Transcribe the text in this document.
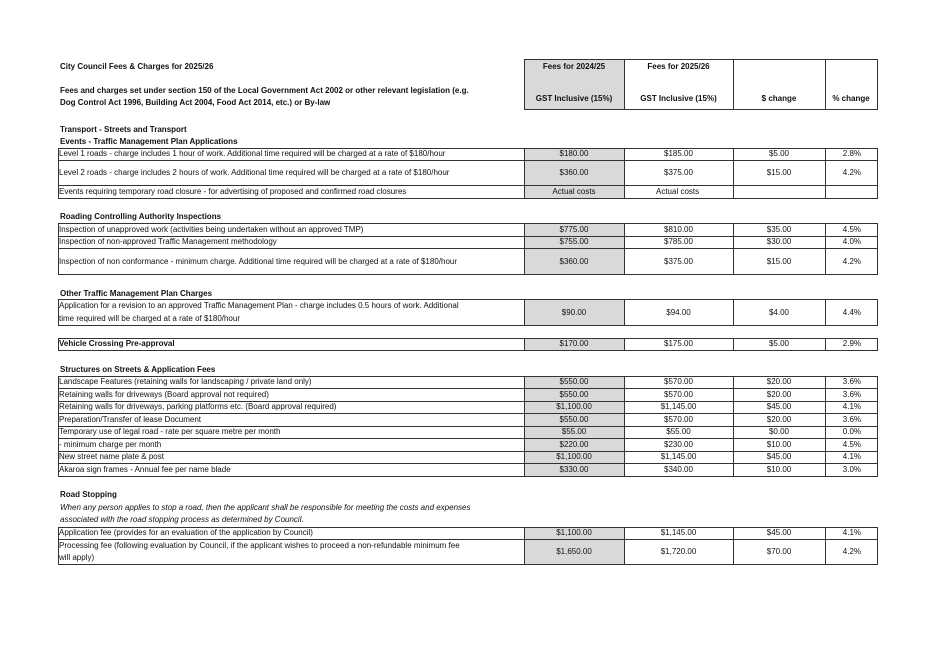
City Council Fees & Charges for 2025/26
Fees and charges set under section 150 of the Local Government Act 2002 or other relevant legislation (e.g.
Dog Control Act 1996, Building Act 2004, Food Act 2014, etc.) or By-law
Fees for 2024/25	Fees for 2025/26
GST Inclusive (15%)	GST Inclusive (15%)	$ change	% change
Transport - Streets and Transport
Events - Traffic Management Plan Applications
Roading Controlling Authority Inspections
Other Traffic Management Plan Charges
Structures on Streets & Application Fees
Road Stopping
When any person applies to stop a road, then the applicant shall be responsible for meeting the costs and expenses
associated with the road stopping process as determined by Council.
Level 1 roads - charge includes 1 hour of work. Additional time required will be charged at a rate of $180/hour	$180.00	$185.00	$5.00	2.8%
Level 2 roads - charge includes 2 hours of work. Additional time required will be charged at a rate of $180/hour	$360.00	$375.00	$15.00	4.2%
Events requiring temporary road closure - for advertising of proposed and confirmed road closures	Actual costs	Actual costs
Inspection of unapproved work (activities being undertaken without an approved TMP)	$775.00	$810.00	$35.00	4.5%
Inspection of non-approved Traffic Management methodology	$755.00	$785.00	$30.00	4.0%
Inspection of non conformance - minimum charge. Additional time required will be charged at a rate of $180/hour	$360.00	$375.00	$15.00	4.2%
Application for a revision to an approved Traffic Management Plan - charge includes 0.5 hours of work. Additional
time required will be charged at a rate of $180/hour
$90.00	$94.00	$4.00	4.4%
Vehicle Crossing Pre-approval	$170.00	$175.00	$5.00	2.9%
Landscape Features (retaining walls for landscaping / private land only)	$550.00	$570.00	$20.00	3.6%
Retaining walls for driveways (Board approval not required)	$550.00	$570.00	$20.00	3.6%
Retaining walls for driveways, parking platforms etc. (Board approval required)	$1,100.00	$1,145.00	$45.00	4.1%
Preparation/Transfer of lease Document	$550.00	$570.00	$20.00	3.6%
Temporary use of legal road - rate per square metre per month	$55.00	$55.00	$0.00	0.0%
- minimum charge per month	$220.00	$230.00	$10.00	4.5%
New street name plate & post	$1,100.00	$1,145.00	$45.00	4.1%
Akaroa sign frames - Annual fee per name blade	$330.00	$340.00	$10.00	3.0%
Application fee (provides for an evaluation of the application by Council)	$1,100.00	$1,145.00	$45.00	4.1%
Processing fee (following evaluation by Council, if the applicant wishes to proceed a non-refundable minimum fee
will apply)
$1,650.00	$1,720.00	$70.00	4.2%
